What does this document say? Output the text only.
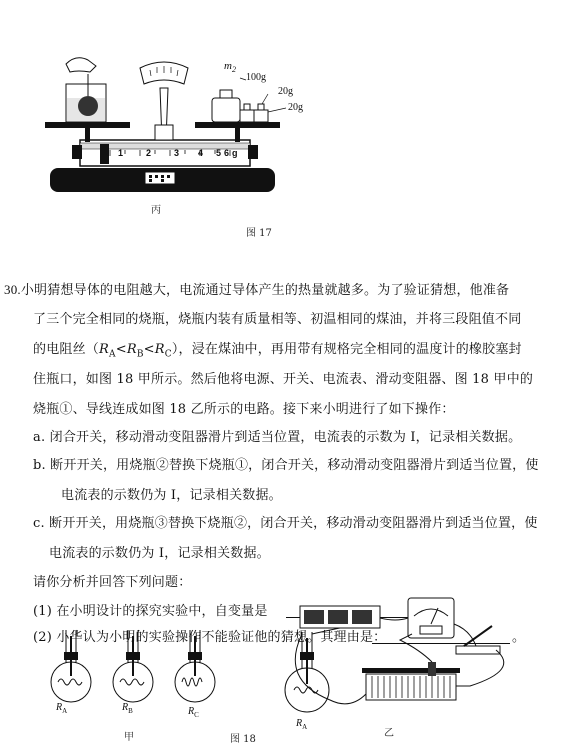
$m_2$
100g
20g
20g
1	2	3 4 5 6 g
丙
图 17
30.小明猜想导体的电阻越大，电流通过导体产生的热量就越多。为了验证猜想，他准备
了三个完全相同的烧瓶，烧瓶内装有质量相等、初温相同的煤油，并将三段阻值不同
的电阻丝$(R_A<R_B<R_C)$，浸在煤油中，再用带有规格完全相同的温度计的橡胶塞封
住瓶口，如图 18 甲所示。然后他将电源、开关、电流表、滑动变阻器、图 18 甲中的
烧瓶①、导线连成如图 18 乙所示的电路。接下来小明进行了如下操作：
a. 闭合开关，移动滑动变阻器滑片到适当位置，电流表的示数为 I，记录相关数据。
b. 断开开关，用烧瓶②替换下烧瓶①，闭合开关，移动滑动变阻器滑片到适当位置，使
电流表的示数仍为 I，记录相关数据。
c. 断开开关，用烧瓶③替换下烧瓶②，闭合开关，移动滑动变阻器滑片到适当位置，使
电流表的示数仍为 I，记录相关数据。
请你分析并回答下列问题：
(1) 在小明设计的探究实验中，自变量是
(2) 小华认为小明的实验操作不能验证他的猜想。其理由是：	。
$R_A$	$R_B$	$R_C$
$R_A$
甲	图 18
乙
